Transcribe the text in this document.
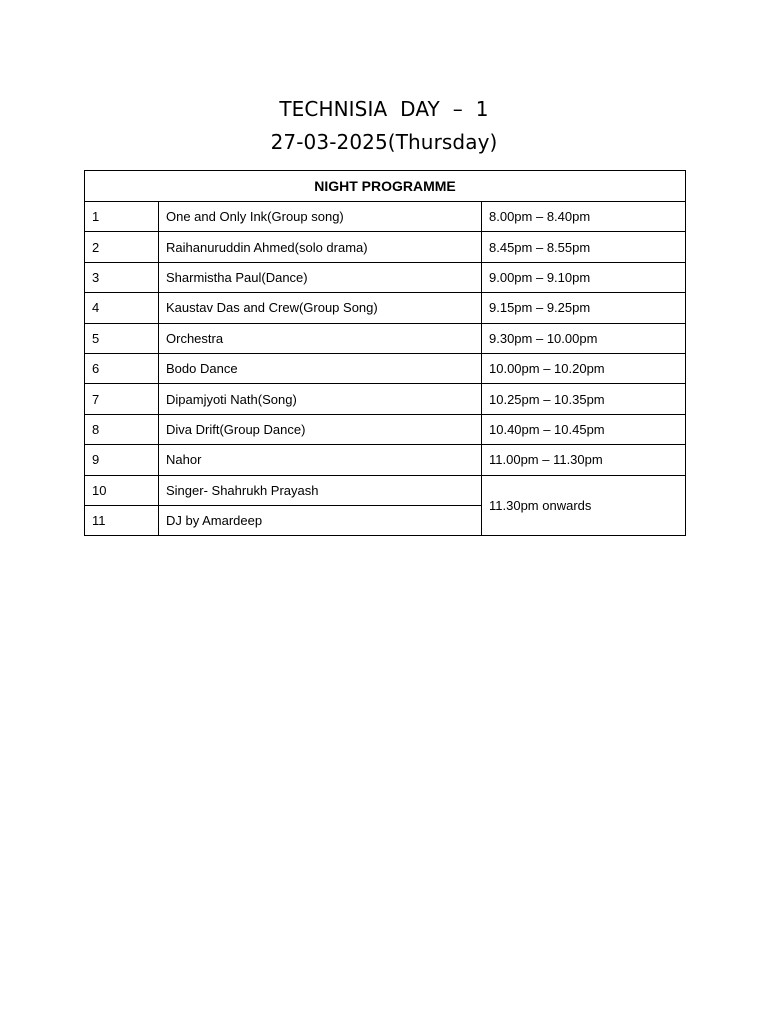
TECHNISIA  DAY  –  1
27-03-2025(Thursday)
NIGHT PROGRAMME		
1	One and Only Ink(Group song)	8.00pm – 8.40pm
2	Raihanuruddin Ahmed(solo drama)	8.45pm – 8.55pm
3	Sharmistha Paul(Dance)	9.00pm – 9.10pm
4	Kaustav Das and Crew(Group Song)	9.15pm – 9.25pm
5	Orchestra	9.30pm – 10.00pm
6	Bodo Dance	10.00pm – 10.20pm
7	Dipamjyoti Nath(Song)	10.25pm – 10.35pm
8	Diva Drift(Group Dance)	10.40pm – 10.45pm
9	Nahor	11.00pm – 11.30pm
10	Singer- Shahrukh Prayash	11.30pm onwards
11	DJ by Amardeep	
